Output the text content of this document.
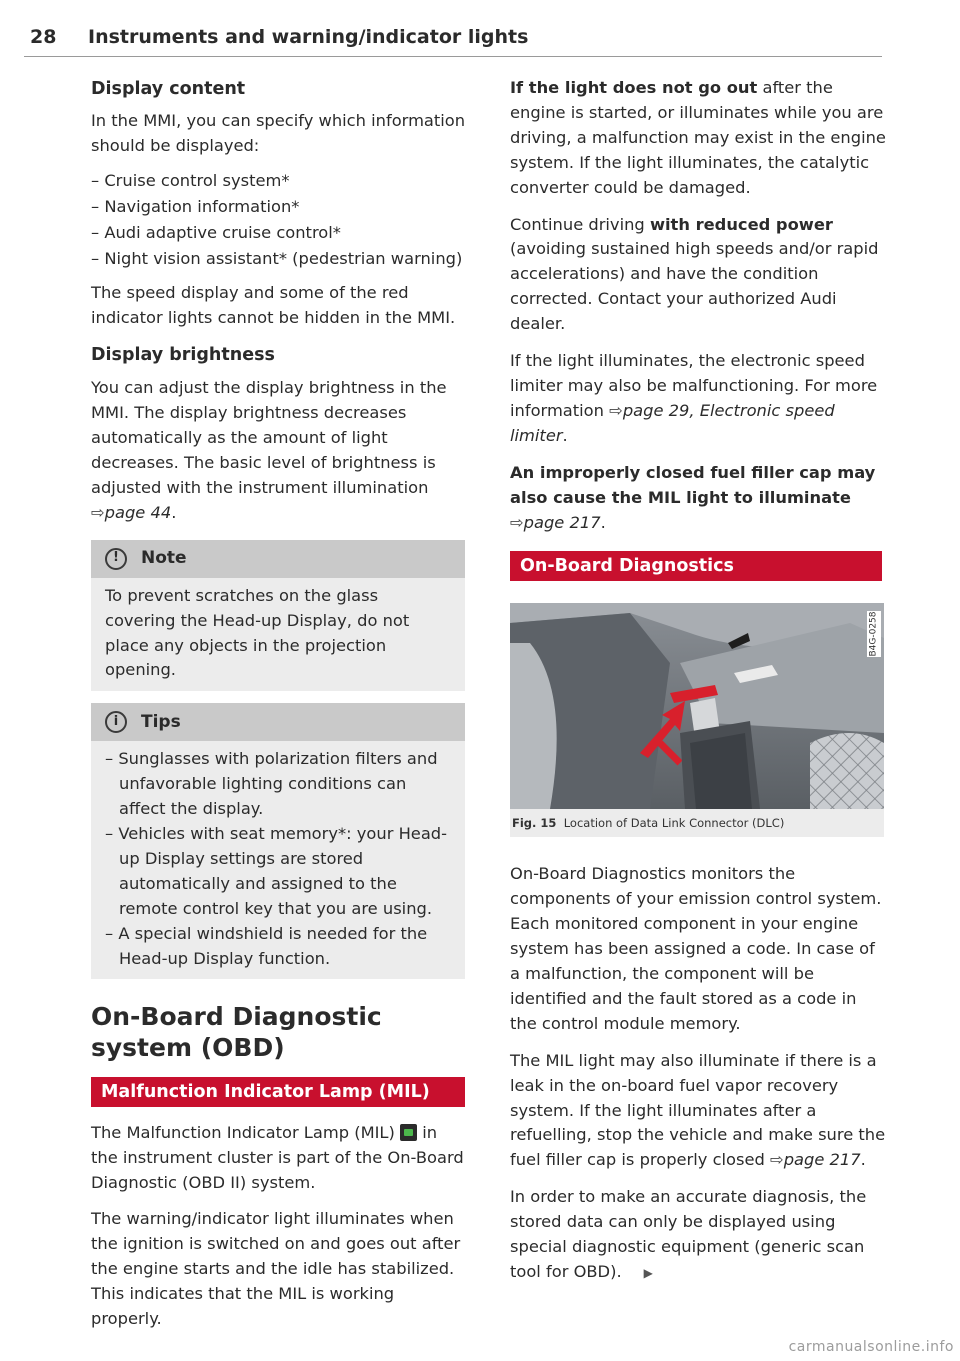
28 Instruments and warning/indicator lights
Display content

In the MMI, you can specify which information should be displayed:

– Cruise control system*
– Navigation information*
– Audi adaptive cruise control*
– Night vision assistant* (pedestrian warning)

The speed display and some of the red indicator lights cannot be hidden in the MMI.

Display brightness

You can adjust the display brightness in the MMI. The display brightness decreases automatically as the amount of light decreases. The basic level of brightness is adjusted with the instrument illumination ⇨page 44.

!	Note
To prevent scratches on the glass covering the Head-up Display, do not place any objects in the projection opening.
i	Tips
– Sunglasses with polarization filters and unfavorable lighting conditions can affect the display.
– Vehicles with seat memory*: your Head-up Display settings are stored automatically and assigned to the remote control key that you are using.
– A special windshield is needed for the Head-up Display function.
On-Board Diagnostic system (OBD)
Malfunction Indicator Lamp (MIL)

The Malfunction Indicator Lamp (MIL) in the instrument cluster is part of the On-Board Diagnostic (OBD II) system.

The warning/indicator light illuminates when the ignition is switched on and goes out after the engine starts and the idle has stabilized. This indicates that the MIL is working properly.

If the light does not go out after the engine is started, or illuminates while you are driving, a malfunction may exist in the engine system. If the light illuminates, the catalytic converter could be damaged.

Continue driving with reduced power (avoiding sustained high speeds and/or rapid accelerations) and have the condition corrected. Contact your authorized Audi dealer.

If the light illuminates, the electronic speed limiter may also be malfunctioning. For more information ⇨page 29, Electronic speed limiter.

An improperly closed fuel filler cap may also cause the MIL light to illuminate
⇨page 217.

On-Board Diagnostics
B4G-0258
Fig. 15 Location of Data Link Connector (DLC)

On-Board Diagnostics monitors the components of your emission control system. Each monitored component in your engine system has been assigned a code. In case of a malfunction, the component will be identified and the fault stored as a code in the control module memory.

The MIL light may also illuminate if there is a leak in the on-board fuel vapor recovery system. If the light illuminates after a refuelling, stop the vehicle and make sure the fuel filler cap is properly closed ⇨page 217.

In order to make an accurate diagnosis, the stored data can only be displayed using special diagnostic equipment (generic scan tool for OBD). ▶

carmanualsonline.info
